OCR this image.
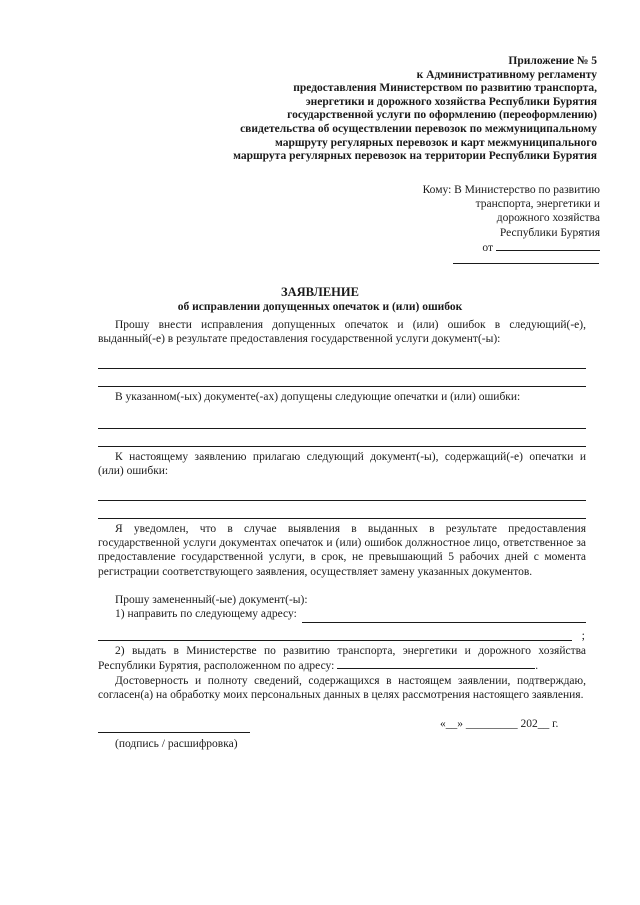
Приложение № 5
к Административному регламенту
предоставления Министерством по развитию транспорта,
энергетики и дорожного хозяйства Республики Бурятия
государственной услуги по оформлению (переоформлению)
свидетельства об осуществлении перевозок по межмуниципальному
маршруту регулярных перевозок и карт межмуниципального
маршрута регулярных перевозок на территории Республики Бурятия
Кому: В Министерство по развитию
транспорта, энергетики и
дорожного хозяйства
Республики Бурятия
от
ЗАЯВЛЕНИЕ
об исправлении допущенных опечаток и (или) ошибок
Прошу внести исправления допущенных опечаток и (или) ошибок в следующий(-е), выданный(-е) в результате предоставления государственной услуги документ(-ы):
В указанном(-ых) документе(-ах) допущены следующие опечатки и (или) ошибки:
К настоящему заявлению прилагаю следующий документ(-ы), содержащий(-е) опечатки и (или) ошибки:
Я уведомлен, что в случае выявления в выданных в результате предоставления государственной услуги документах опечаток и (или) ошибок должностное лицо, ответственное за предоставление государственной услуги, в срок, не превышающий 5 рабочих дней с момента регистрации соответствующего заявления, осуществляет замену указанных документов.
Прошу замененный(-ые) документ(-ы):
1) направить по следующему адресу:
;
2) выдать в Министерстве по развитию транспорта, энергетики и дорожного хозяйства Республики Бурятия, расположенном по адресу:	.
Достоверность и полноту сведений, содержащихся в настоящем заявлении, подтверждаю, согласен(а) на обработку моих персональных данных в целях рассмотрения настоящего заявления.
«__» _________ 202__ г.
(подпись / расшифровка)
